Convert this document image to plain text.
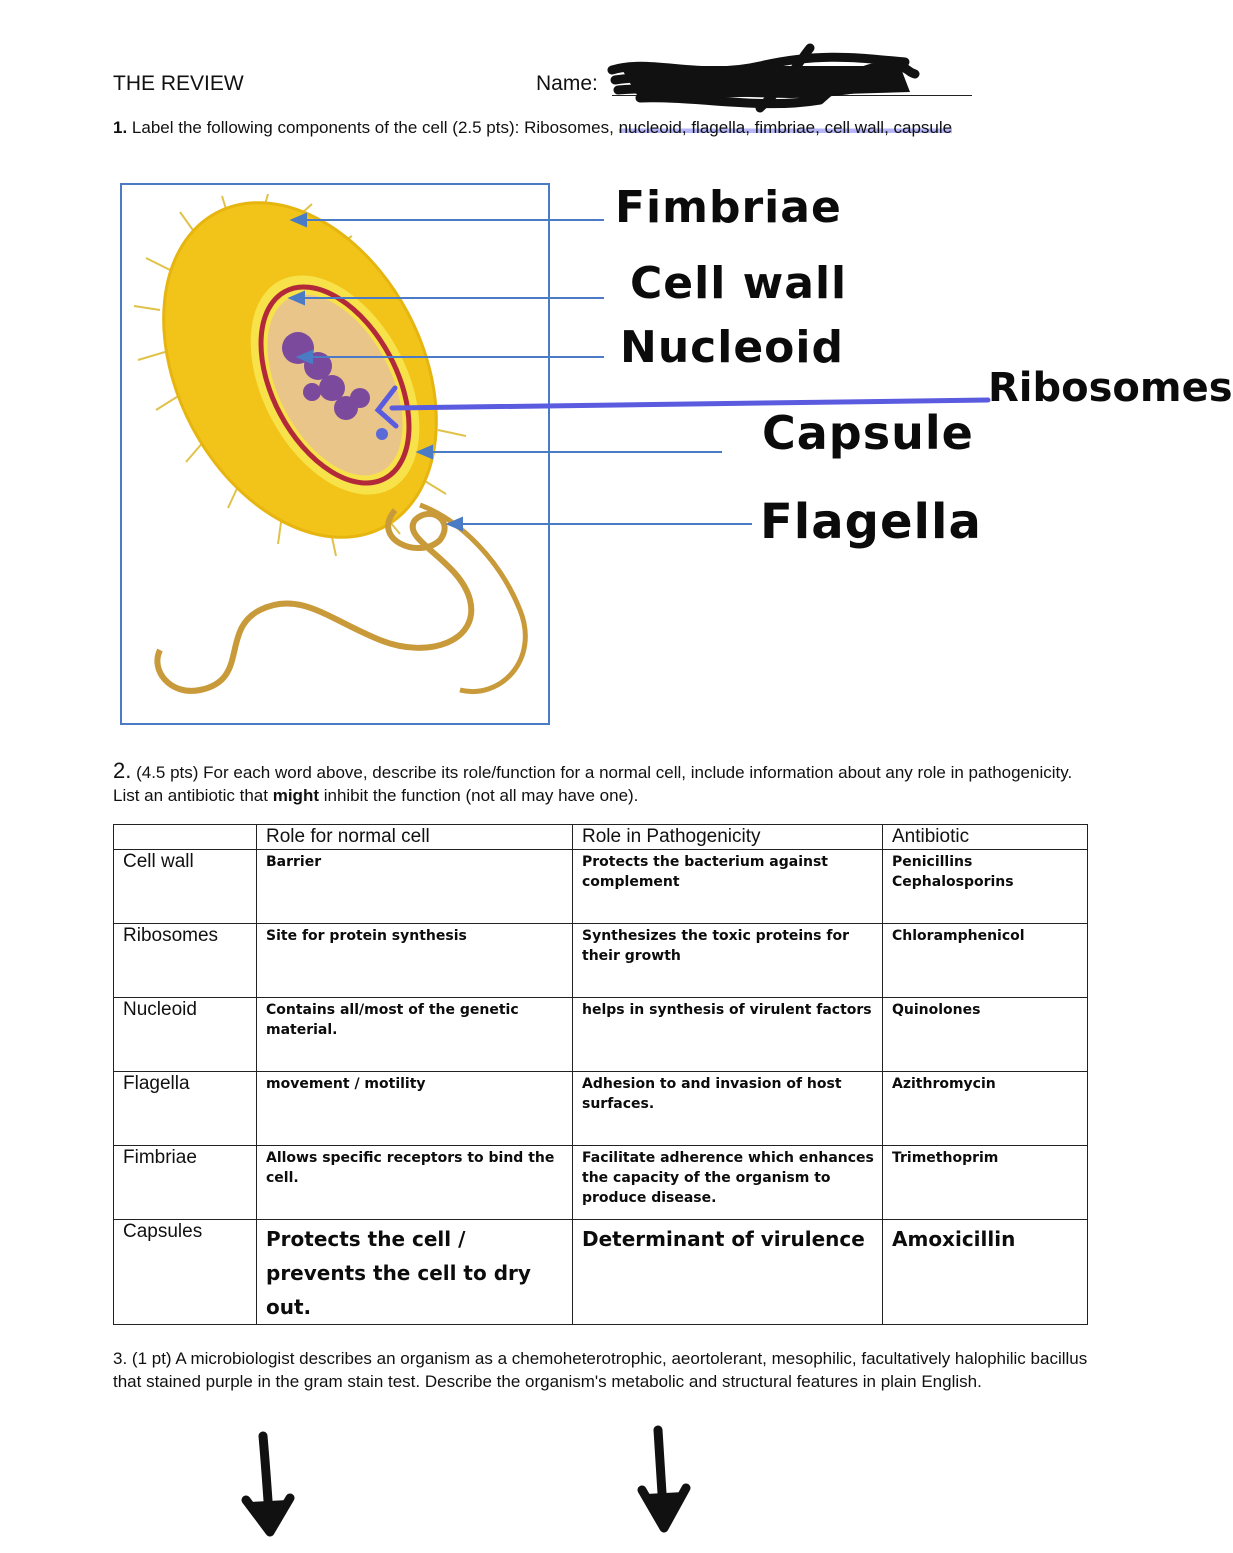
THE REVIEW	Name:
1. Label the following components of the cell (2.5 pts): Ribosomes, nucleoid, flagella, fimbriae, cell wall, capsule
Fimbriae
Cell wall
Nucleoid
Ribosomes
Capsule
Flagella
2. (4.5 pts) For each word above, describe its role/function for a normal cell, include information about any role in pathogenicity. List an antibiotic that might inhibit the function (not all may have one).
	Role for normal cell	Role in Pathogenicity	Antibiotic
Cell wall	Barrier	Protects the bacterium against complement	Penicillins Cephalosporins

Ribosomes	Site for protein synthesis	Synthesizes the toxic proteins for their growth	Chloramphenicol

Nucleoid	Contains all/most of the genetic material.	helps in synthesis of virulent factors	Quinolones

Flagella	movement / motility	Adhesion to and invasion of host surfaces.	Azithromycin

Fimbriae	Allows specific receptors to bind the cell.	Facilitate adherence which enhances the capacity of the organism to produce disease.	Trimethoprim

Capsules	Protects the cell / prevents the cell to dry out.	Determinant of virulence	Amoxicillin
3. (1 pt) A microbiologist describes an organism as a chemoheterotrophic, aeortolerant, mesophilic, facultatively halophilic bacillus that stained purple in the gram stain test. Describe the organism's metabolic and structural features in plain English.
